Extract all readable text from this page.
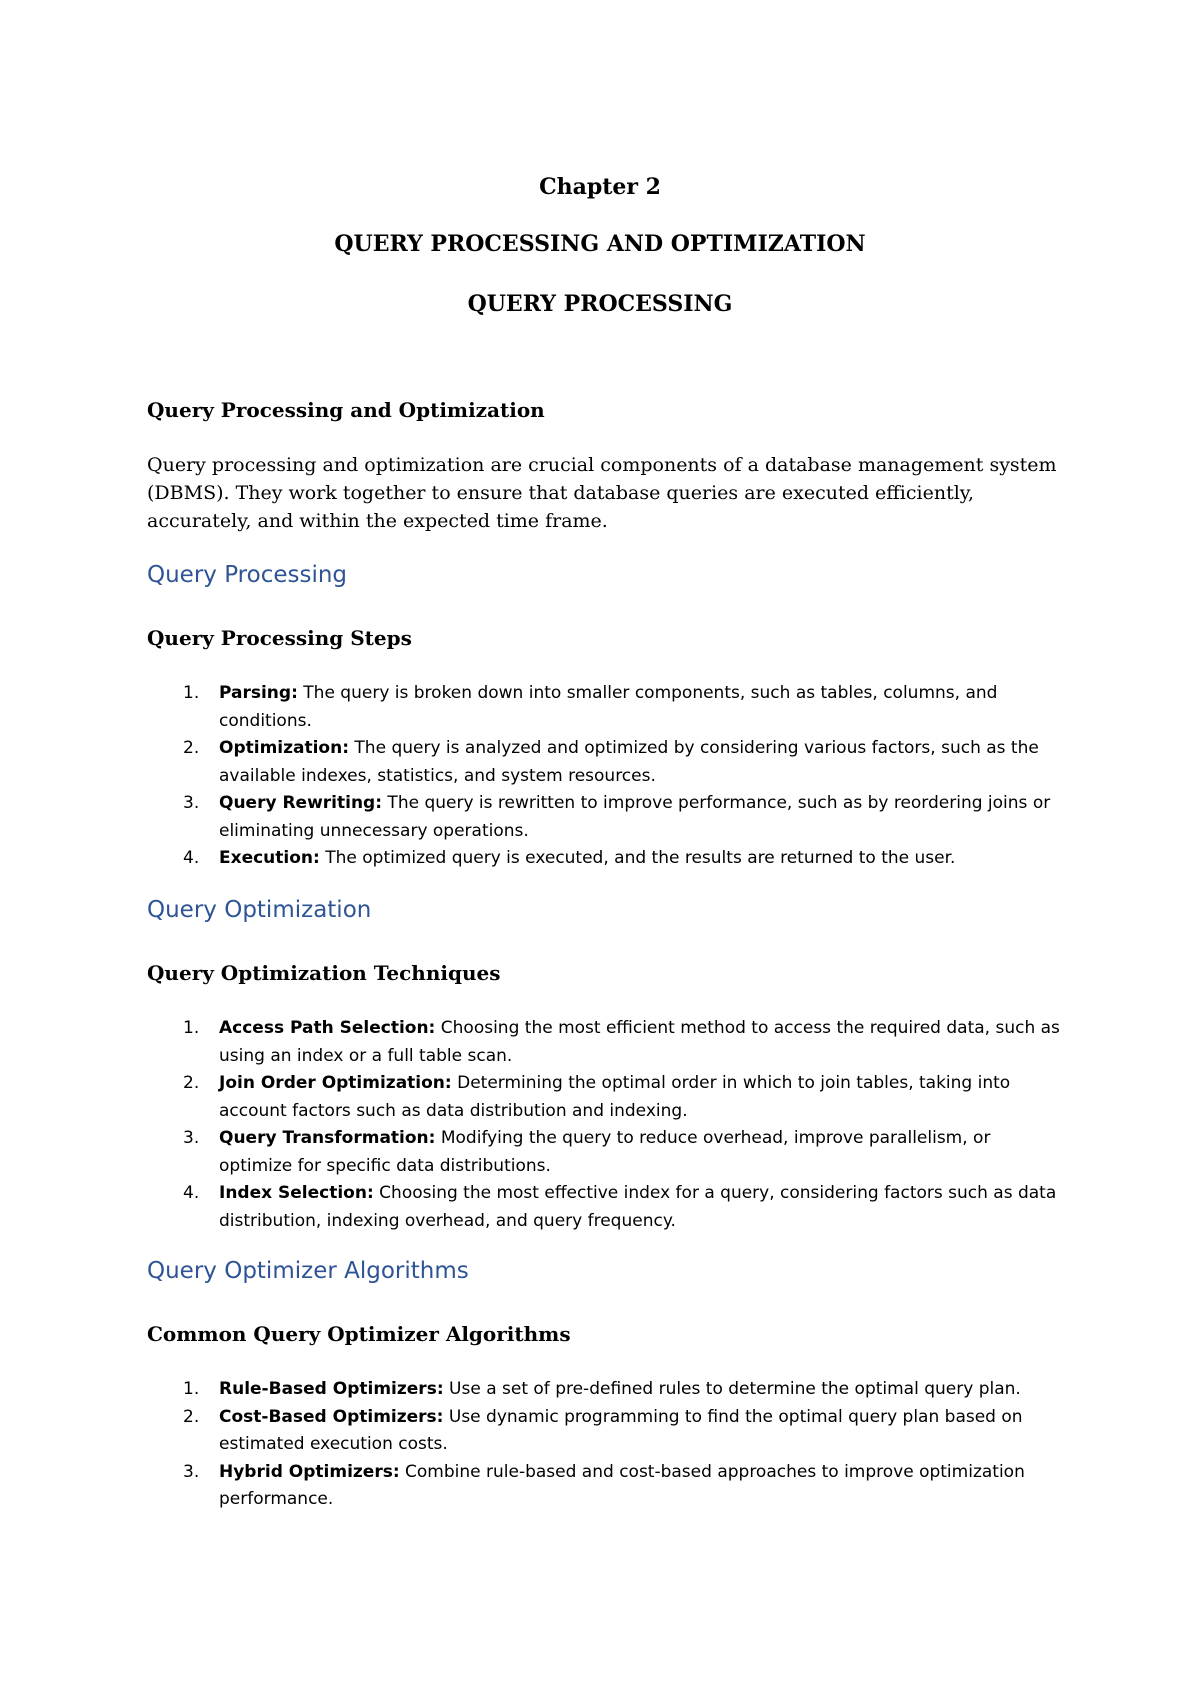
Chapter 2
QUERY PROCESSING AND OPTIMIZATION
QUERY PROCESSING
Query Processing and Optimization
Query processing and optimization are crucial components of a database management system (DBMS). They work together to ensure that database queries are executed efficiently, accurately, and within the expected time frame.
Query Processing
Query Processing Steps
1. Parsing: The query is broken down into smaller components, such as tables, columns, and conditions.
2. Optimization: The query is analyzed and optimized by considering various factors, such as the available indexes, statistics, and system resources.
3. Query Rewriting: The query is rewritten to improve performance, such as by reordering joins or eliminating unnecessary operations.
4. Execution: The optimized query is executed, and the results are returned to the user.
Query Optimization
Query Optimization Techniques
1. Access Path Selection: Choosing the most efficient method to access the required data, such as using an index or a full table scan.
2. Join Order Optimization: Determining the optimal order in which to join tables, taking into account factors such as data distribution and indexing.
3. Query Transformation: Modifying the query to reduce overhead, improve parallelism, or optimize for specific data distributions.
4. Index Selection: Choosing the most effective index for a query, considering factors such as data distribution, indexing overhead, and query frequency.
Query Optimizer Algorithms
Common Query Optimizer Algorithms
1. Rule-Based Optimizers: Use a set of pre-defined rules to determine the optimal query plan.
2. Cost-Based Optimizers: Use dynamic programming to find the optimal query plan based on estimated execution costs.
3. Hybrid Optimizers: Combine rule-based and cost-based approaches to improve optimization performance.
